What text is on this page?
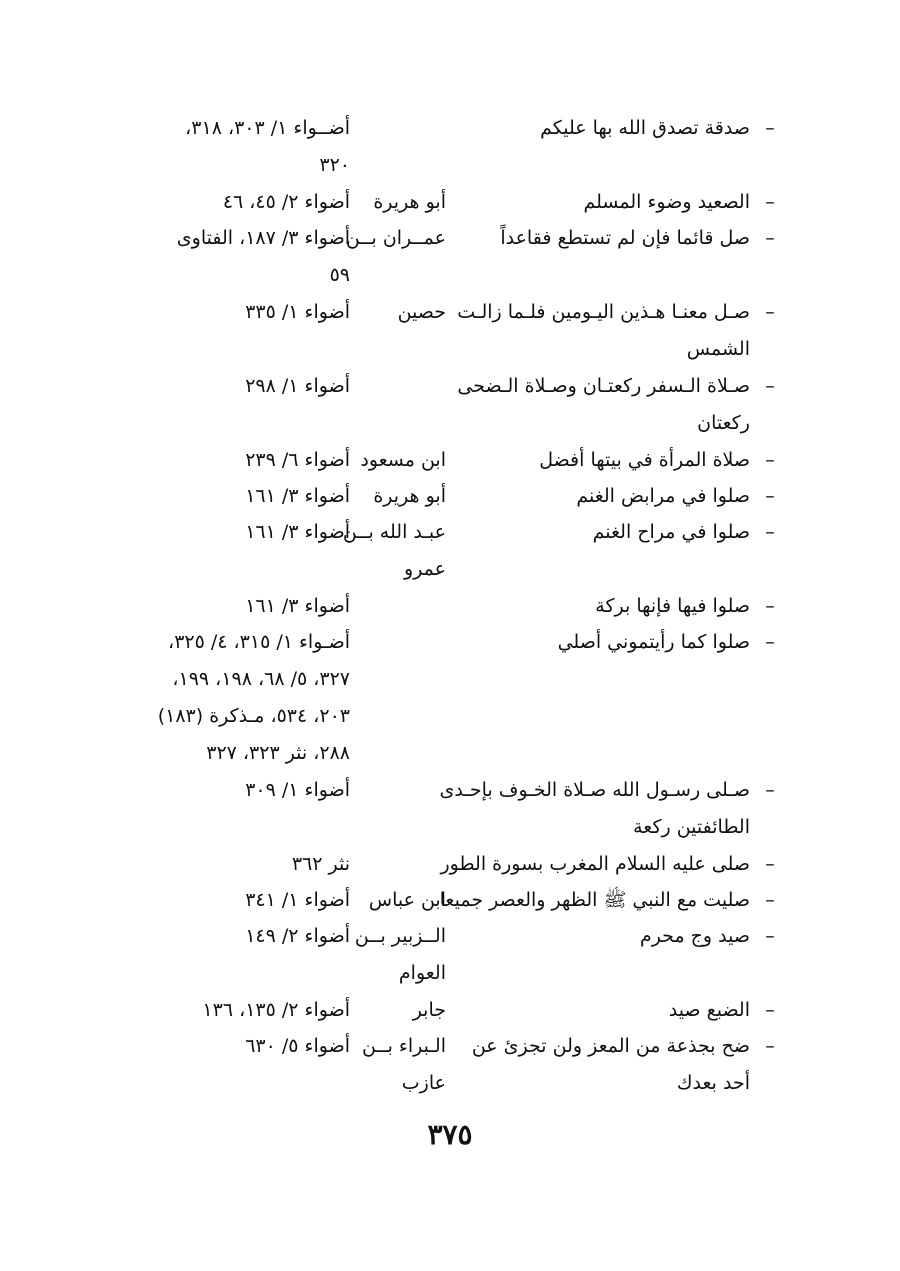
–
صدقة تصدق الله بها عليكم
أضــواء ١/ ٣٠٣، ٣١٨،
٣٢٠
–
الصعيد وضوء المسلم
أبو هريرة
أضواء ٢/ ٤٥، ٤٦
–
صل قائما فإن لم تستطع فقاعداً
عمــران بــن
أضواء ٣/ ١٨٧، الفتاوى
٥٩
حصين	–
صـل معنـا هـذين اليـومين فلـما زالـت
أضواء ١/ ٣٣٥
الشمس
–
صـلاة الـسفر ركعتـان وصـلاة الـضحى
أضواء ١/ ٢٩٨
ركعتان
–
صلاة المرأة في بيتها أفضل
ابن مسعود
أضواء ٦/ ٢٣٩
–
صلوا في مرابض الغنم
أبو هريرة
أضواء ٣/ ١٦١
–
صلوا في مراح الغنم
عبـد الله بــن
أضواء ٣/ ١٦١
عمرو
–
صلوا فيها فإنها بركة
أضواء ٣/ ١٦١
–
صلوا كما رأيتموني أصلي
أضـواء ١/ ٣١٥، ٤/ ٣٢٥،
٣٢٧، ٥/ ٦٨، ١٩٨، ١٩٩،
٢٠٣، ٥٣٤، مـذكرة (١٨٣)
٢٨٨، نثر ٣٢٣، ٣٢٧
–
صـلى رسـول الله صـلاة الخـوف بإحـدى
أضواء ١/ ٣٠٩
الطائفتين ركعة
–
صلى عليه السلام المغرب بسورة الطور
نثر ٣٦٢
–
صليت مع النبي ﷺ الظهر والعصر جميعا
ابن عباس
أضواء ١/ ٣٤١
–
صيد وج محرم
الــزبير بــن
أضواء ٢/ ١٤٩
العوام
–
الضبع صيد
جابر
أضواء ٢/ ١٣٥، ١٣٦
–
ضح بجذعة من المعز ولن تجزئ عن
الـبراء بــن
أضواء ٥/ ٦٣٠
أحد بعدك
عازب
٣٧٥
